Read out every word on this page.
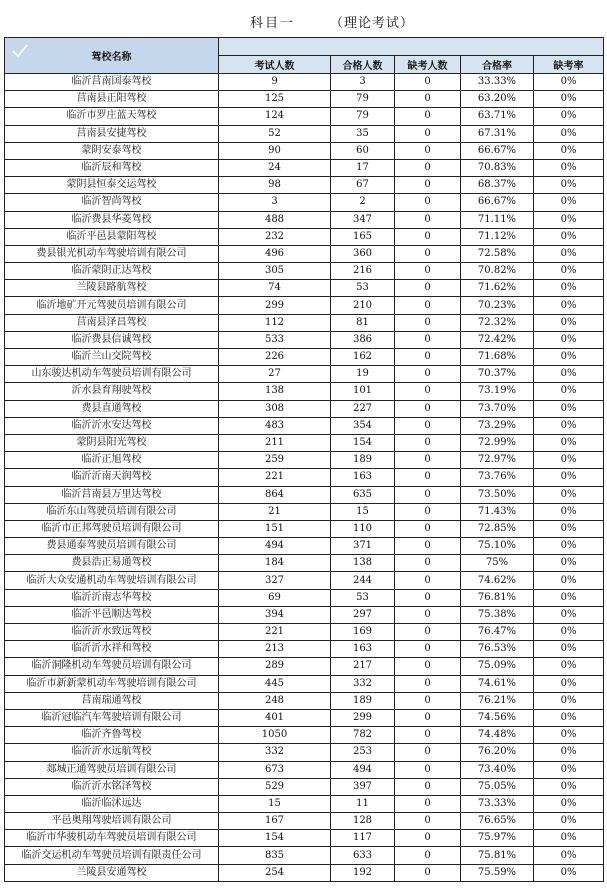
科目一	（理论考试）
驾校名称					
	考试人数	合格人数	缺考人数	合格率	缺考率
临沂莒南国泰驾校	9	3	0	33.33%	0%
莒南县正阳驾校	125	79	0	63.20%	0%
临沂市罗庄蓝天驾校	124	79	0	63.71%	0%
莒南县安捷驾校	52	35	0	67.31%	0%
蒙阴安泰驾校	90	60	0	66.67%	0%
临沂辰和驾校	24	17	0	70.83%	0%
蒙阴县恒泰交运驾校	98	67	0	68.37%	0%
临沂智尚驾校	3	2	0	66.67%	0%
临沂费县华菱驾校	488	347	0	71.11%	0%
临沂平邑县蒙阳驾校	232	165	0	71.12%	0%
费县银光机动车驾驶培训有限公司	496	360	0	72.58%	0%
临沂蒙阴正达驾校	305	216	0	70.82%	0%
兰陵县路航驾校	74	53	0	71.62%	0%
临沂地矿开元驾驶员培训有限公司	299	210	0	70.23%	0%
莒南县泽昌驾校	112	81	0	72.32%	0%
临沂费县信诚驾校	533	386	0	72.42%	0%
临沂兰山交院驾校	226	162	0	71.68%	0%
山东骏达机动车驾驶员培训有限公司	27	19	0	70.37%	0%
沂水县育翔驶驾校	138	101	0	73.19%	0%
费县直通驾校	308	227	0	73.70%	0%
临沂沂水安达驾校	483	354	0	73.29%	0%
蒙阴县阳光驾校	211	154	0	72.99%	0%
临沂正旭驾校	259	189	0	72.97%	0%
临沂沂南天润驾校	221	163	0	73.76%	0%
临沂莒南县万里达驾校	864	635	0	73.50%	0%
临沂东山驾驶员培训有限公司	21	15	0	71.43%	0%
临沂市正邦驾驶员培训有限公司	151	110	0	72.85%	0%
费县通泰驾驶员培训有限公司	494	371	0	75.10%	0%
费县浩正易通驾校	184	138	0	75%	0%
临沂大众安通机动车驾驶培训有限公司	327	244	0	74.62%	0%
临沂沂南志华驾校	69	53	0	76.81%	0%
临沂平邑顺达驾校	394	297	0	75.38%	0%
临沂沂水致远驾校	221	169	0	76.47%	0%
临沂沂水祥和驾校	213	163	0	76.53%	0%
临沂洞隆机动车驾驶员培训有限公司	289	217	0	75.09%	0%
临沂市新新蒙机动车驾驶培训有限公司	445	332	0	74.61%	0%
莒南瑞通驾校	248	189	0	76.21%	0%
临沂冠临汽车驾驶培训有限公司	401	299	0	74.56%	0%
临沂齐鲁驾校	1050	782	0	74.48%	0%
临沂沂水远航驾校	332	253	0	76.20%	0%
郯城正通驾驶员培训有限公司	673	494	0	73.40%	0%
临沂沂水铭泽驾校	529	397	0	75.05%	0%
临沂临沭远达	15	11	0	73.33%	0%
平邑奥翔驾驶培训有限公司	167	128	0	76.65%	0%
临沂市华骏机动车驾驶员培训有限公司	154	117	0	75.97%	0%
临沂交运机动车驾驶员培训有限责任公司	835	633	0	75.81%	0%
兰陵县安通驾校	254	192	0	75.59%	0%
